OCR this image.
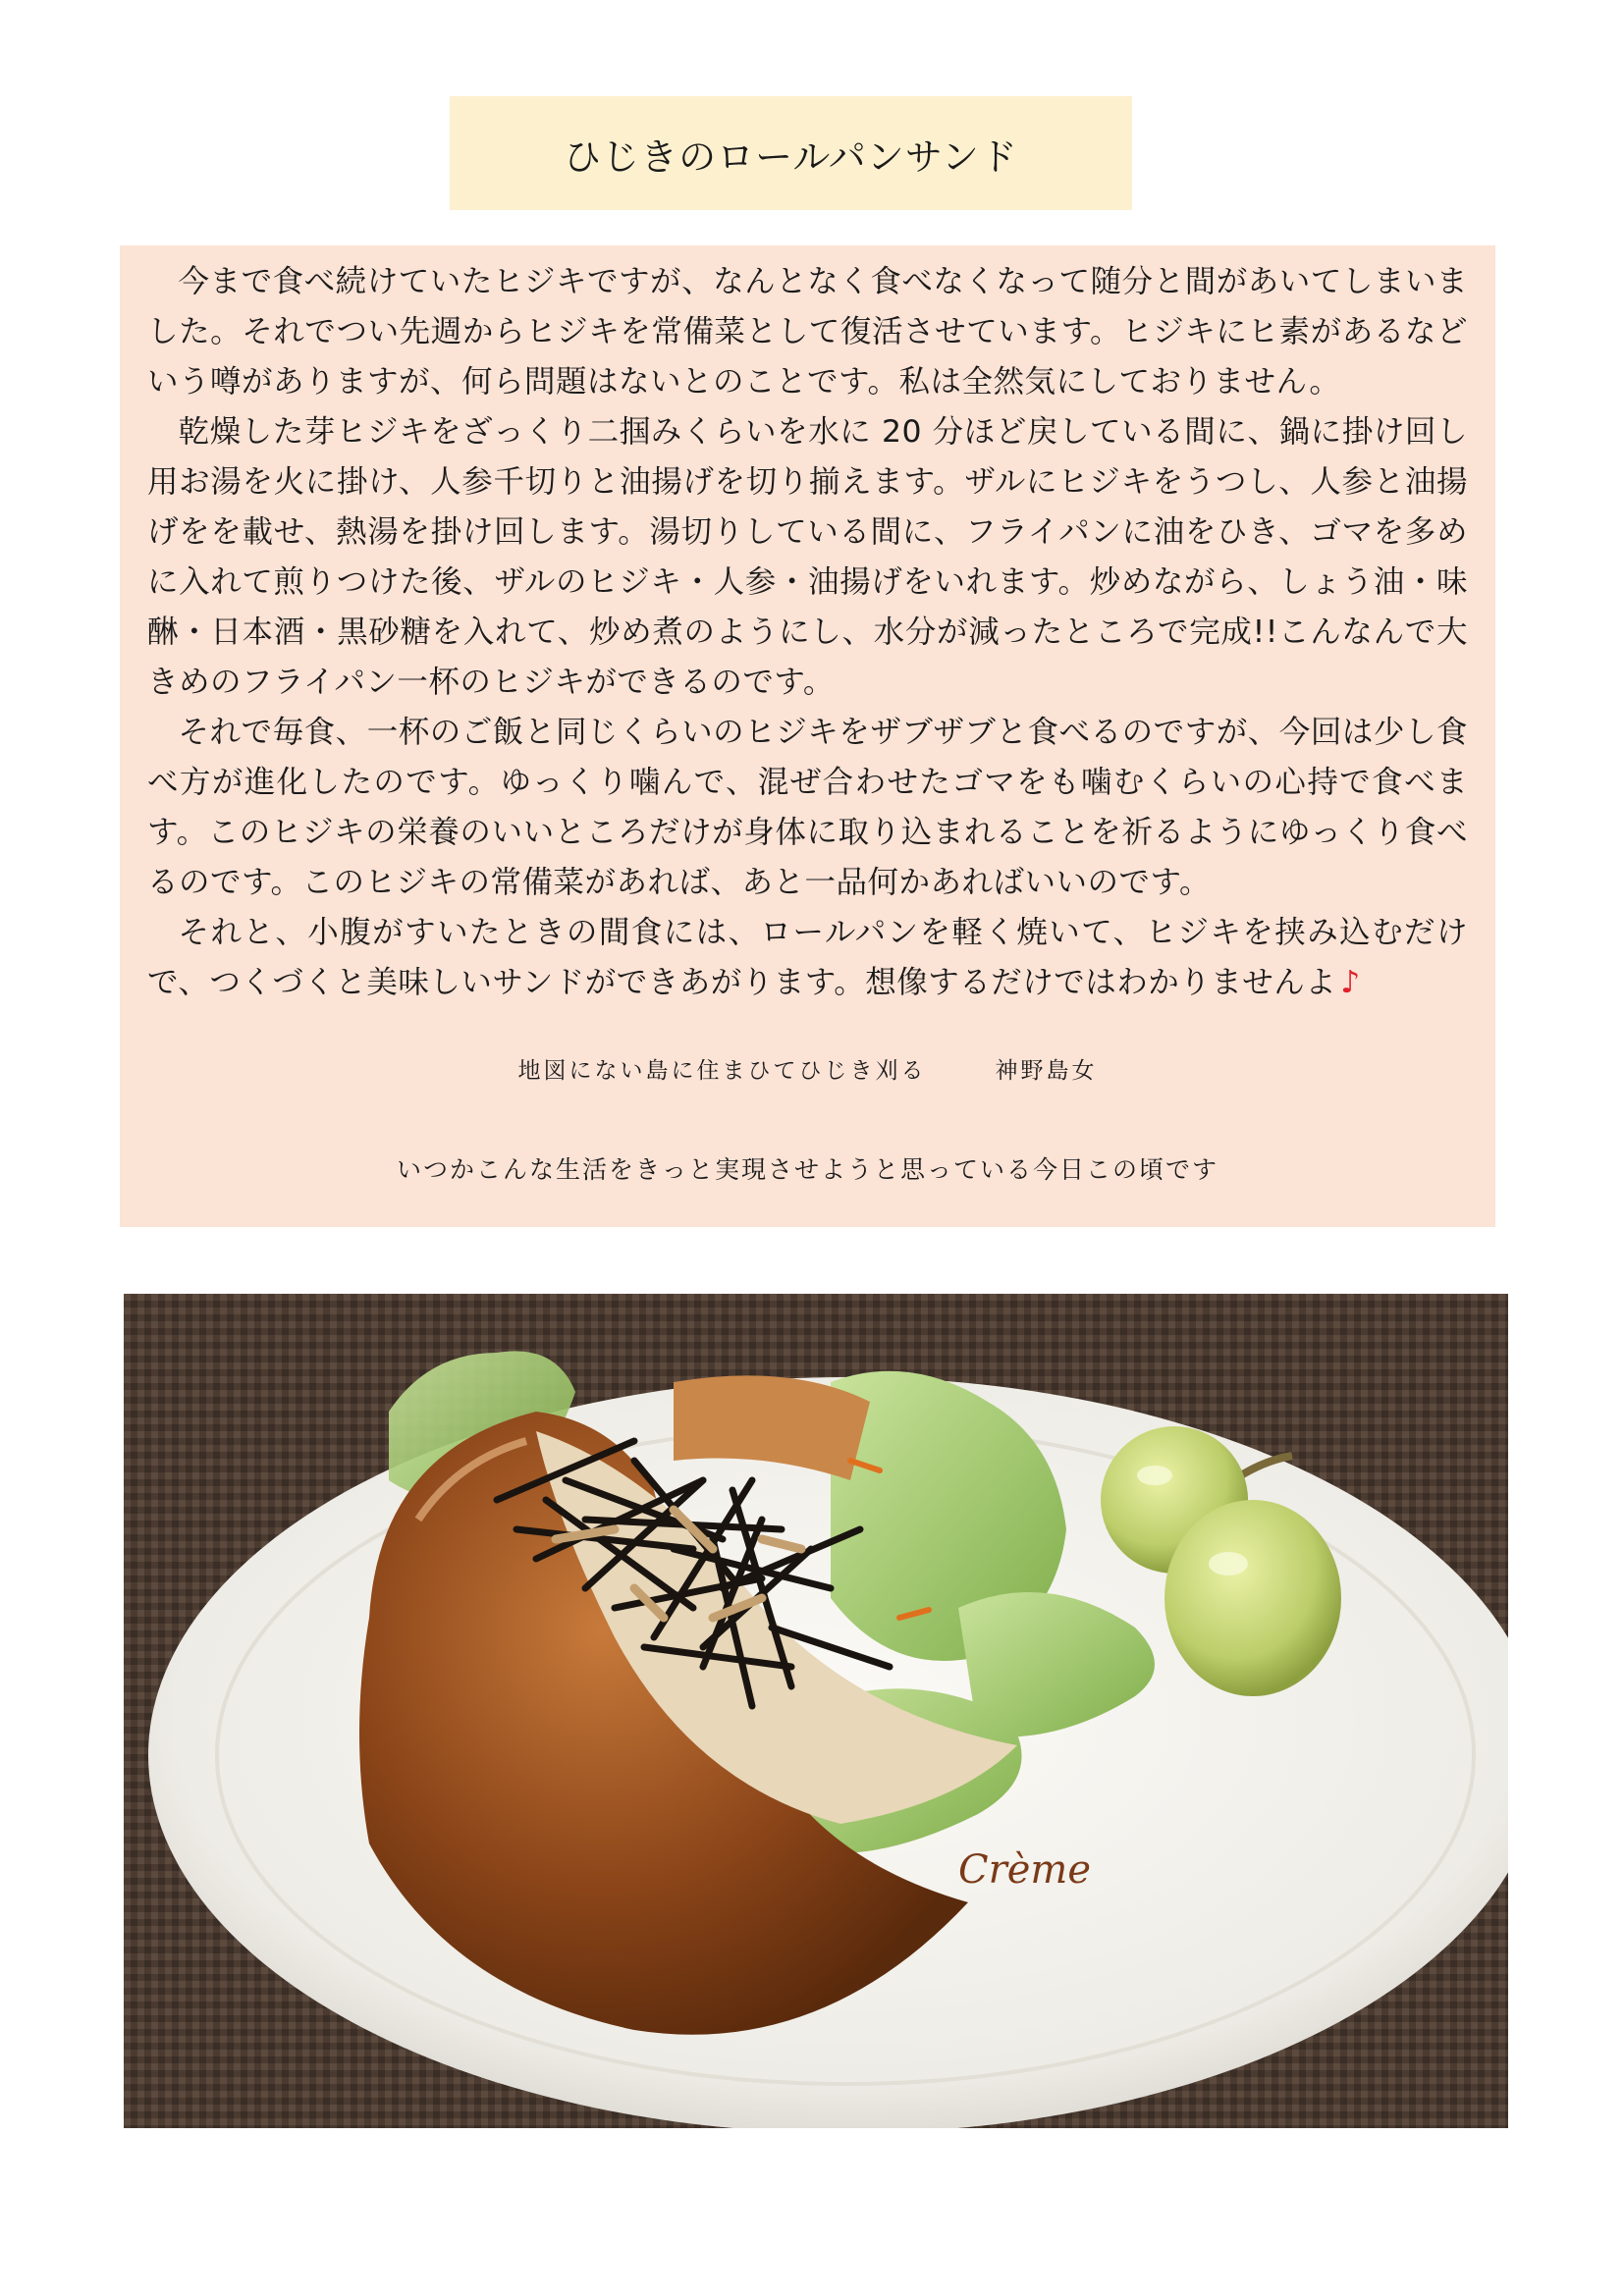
ひじきのロールパンサンド

今まで食べ続けていたヒジキですが、なんとなく食べなくなって随分と間があいてしまいました。それでつい先週からヒジキを常備菜として復活させています。ヒジキにヒ素があるなどいう噂がありますが、何ら問題はないとのことです。私は全然気にしておりません。

乾燥した芽ヒジキをざっくり二掴みくらいを水に 20 分ほど戻している間に、鍋に掛け回し用お湯を火に掛け、人参千切りと油揚げを切り揃えます。ザルにヒジキをうつし、人参と油揚げをを載せ、熱湯を掛け回します。湯切りしている間に、フライパンに油をひき、ゴマを多めに入れて煎りつけた後、ザルのヒジキ・人参・油揚げをいれます。炒めながら、しょう油・味醂・日本酒・黒砂糖を入れて、炒め煮のようにし、水分が減ったところで完成!!こんなんで大きめのフライパン一杯のヒジキができるのです。

それで毎食、一杯のご飯と同じくらいのヒジキをザブザブと食べるのですが、今回は少し食べ方が進化したのです。ゆっくり噛んで、混ぜ合わせたゴマをも噛むくらいの心持で食べます。このヒジキの栄養のいいところだけが身体に取り込まれることを祈るようにゆっくり食べるのです。このヒジキの常備菜があれば、あと一品何かあればいいのです。

それと、小腹がすいたときの間食には、ロールパンを軽く焼いて、ヒジキを挟み込むだけで、つくづくと美味しいサンドができあがります。想像するだけではわかりませんよ ♪

地図にない島に住まひてひじき刈る	神野島女
いつかこんな生活をきっと実現させようと思っている今日この頃です
Crème
